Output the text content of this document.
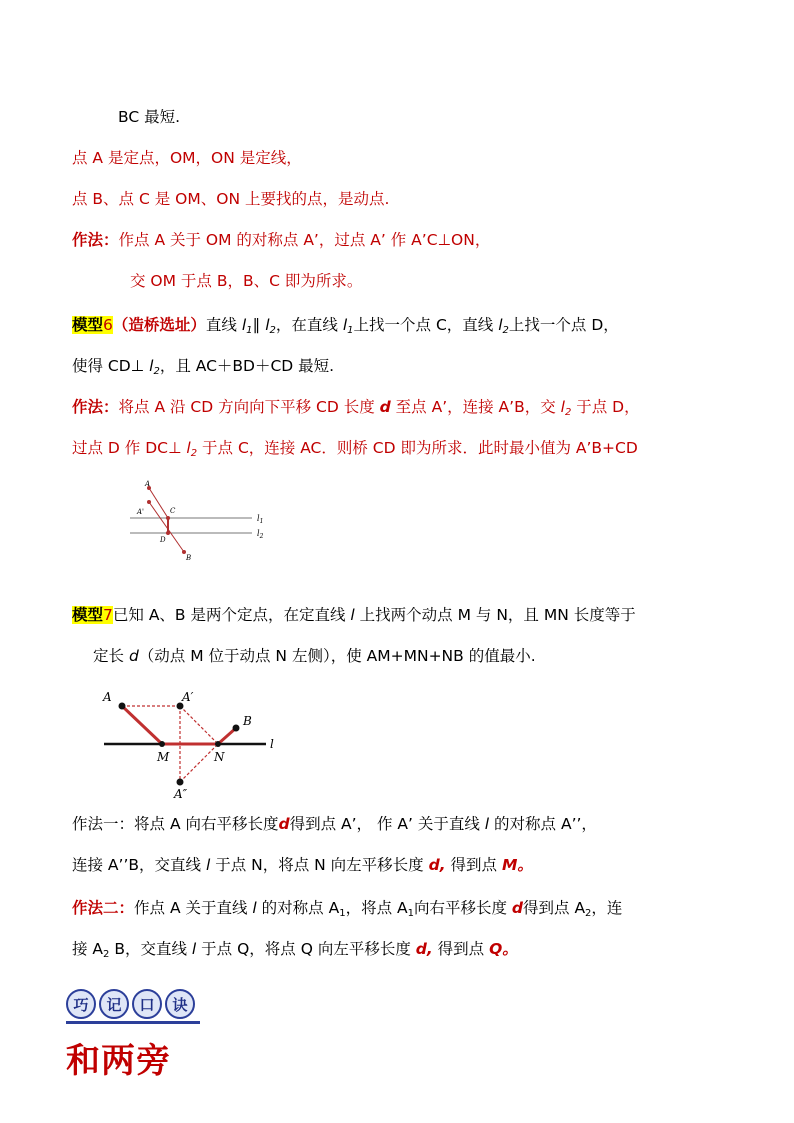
BC 最短.
点 A 是定点，OM，ON 是定线，
点 B、点 C 是 OM、ON 上要找的点，是动点.
作法：作点 A 关于 OM 的对称点 A’，过点 A’ 作 A’C⊥ON，
交 OM 于点 B，B、C 即为所求。
模型6（造桥选址）直线 $l_1\parallel$ $l_2$，在直线 $l_1$上找一个点 C，直线 $l_2$上找一个点 D，
使得 CD⊥ $l_2$，且 AC＋BD＋CD 最短.
作法：将点 A 沿 CD 方向向下平移 CD 长度 d 至点 A’，连接 A’B，交 $l_2$ 于点 D，
过点 D 作 DC⊥ $l_2$ 于点 C，连接 AC．则桥 CD 即为所求．此时最小值为 A’B+CD
A
A'	C
D
B
$l_1$
$l_2$
模型7已知 A、B 是两个定点，在定直线 l 上找两个动点 M 与 N，且 MN 长度等于
定长 d（动点 M 位于动点 N 左侧），使 AM+MN+NB 的值最小.
A	A′
B
M	N
A″
l
作法一：将点 A 向右平移长度d得到点 A’， 作 A’ 关于直线 l 的对称点 A’’，
连接 A’’B，交直线 l 于点 N，将点 N 向左平移长度 d, 得到点 M。
作法二：作点 A 关于直线 l 的对称点 $A_1$，将点 $A_1$向右平移长度 d得到点 $A_2$，连
接 $A_2$ B，交直线 l 于点 Q，将点 Q 向左平移长度 d, 得到点 Q。
巧	记	口	诀
和两旁
